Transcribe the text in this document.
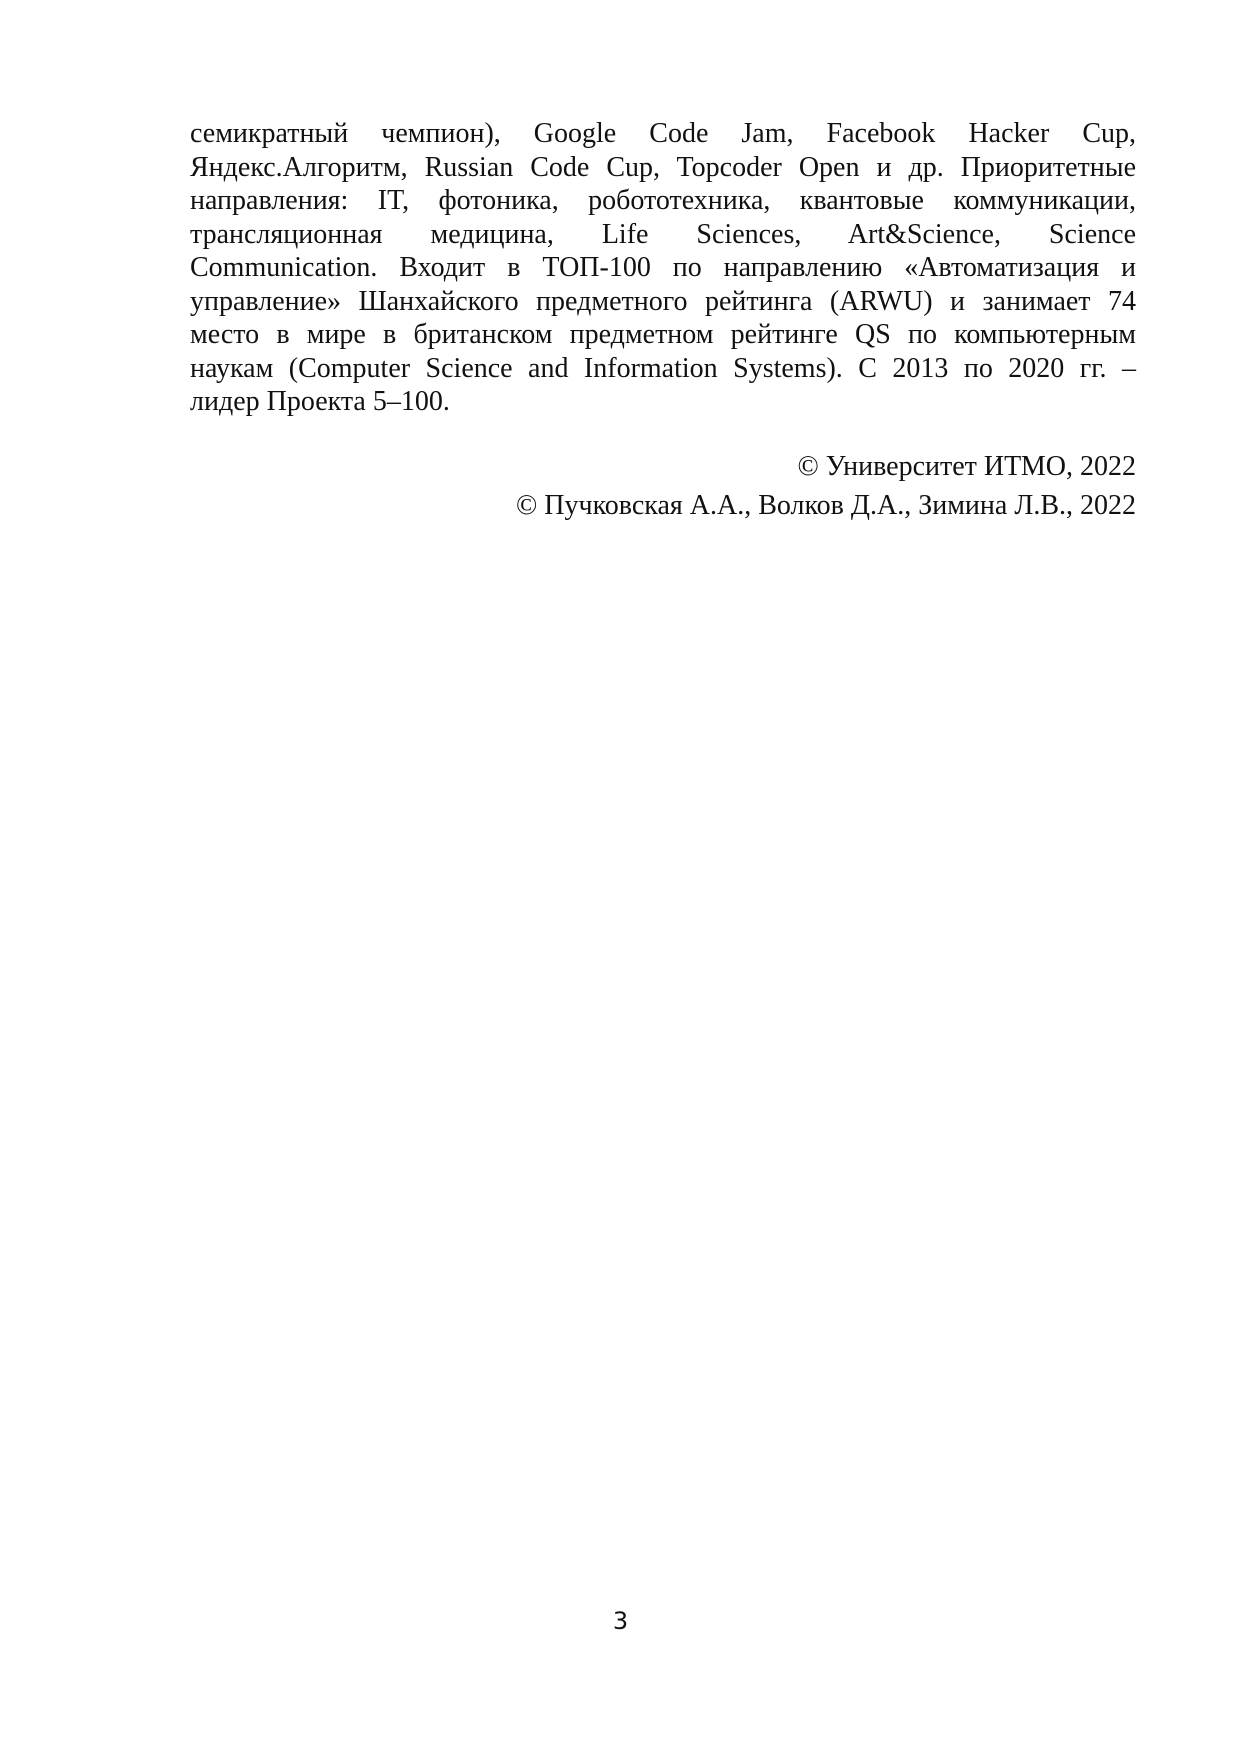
семикратный чемпион), Google Code Jam, Facebook Hacker Cup,
Яндекс.Алгоритм, Russian Code Cup, Topcoder Open и др. Приоритетные
направления: IT, фотоника, робототехника, квантовые коммуникации,
трансляционная медицина, Life Sciences, Art&Science, Science
Communication. Входит в ТОП-100 по направлению «Автоматизация и
управление» Шанхайского предметного рейтинга (ARWU) и занимает 74
место в мире в британском предметном рейтинге QS по компьютерным
наукам (Computer Science and Information Systems). С 2013 по 2020 гг. –
лидер Проекта 5–100.
© Университет ИТМО, 2022
© Пучковская А.А., Волков Д.А., Зимина Л.В., 2022
3
